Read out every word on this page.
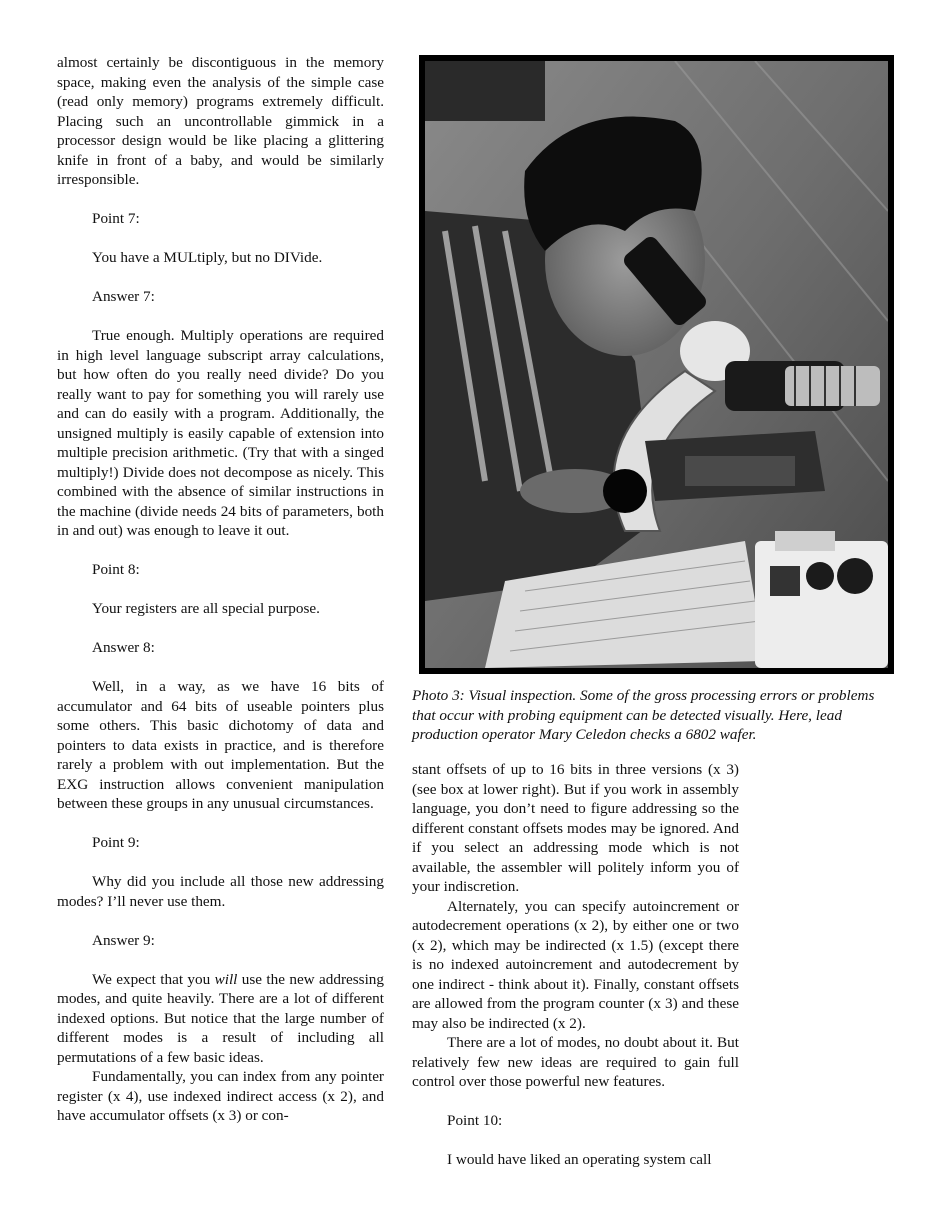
almost certainly be discontiguous in the memory space, making even the analysis of the simple case (read only memory) programs extremely difficult. Placing such an uncontrollable gimmick in a processor design would be like placing a glittering knife in front of a baby, and would be similarly irresponsible.

Point 7:

You have a MULtiply, but no DIVide.

Answer 7:

True enough. Multiply operations are required in high level language subscript array calculations, but how often do you really need divide? Do you really want to pay for something you will rarely use and can do easily with a program. Additionally, the unsigned multiply is easily capable of extension into multiple precision arithmetic. (Try that with a singed multiply!) Divide does not decompose as nicely. This combined with the absence of similar instructions in the machine (divide needs 24 bits of parameters, both in and out) was enough to leave it out.

Point 8:

Your registers are all special purpose.

Answer 8:

Well, in a way, as we have 16 bits of accumulator and 64 bits of useable pointers plus some others. This basic dichotomy of data and pointers to data exists in practice, and is therefore rarely a problem with out implementation. But the EXG instruction allows convenient manipulation between these groups in any unusual circumstances.

Point 9:

Why did you include all those new addressing modes? I’ll never use them.

Answer 9:

We expect that you will use the new addressing modes, and quite heavily. There are a lot of different indexed options. But notice that the large number of different modes is a result of including all permutations of a few basic ideas.

Fundamentally, you can index from any pointer register (x 4), use indexed indirect access (x 2), and have accumulator offsets (x 3) or con-

Photo 3: Visual inspection. Some of the gross processing errors or problems that occur with probing equipment can be detected visually. Here, lead production operator Mary Celedon checks a 6802 wafer.

stant offsets of up to 16 bits in three versions (x 3) (see box at lower right). But if you work in assembly language, you don’t need to figure addressing so the different constant offsets modes may be ignored. And if you select an addressing mode which is not available, the assembler will politely inform you of your indiscretion.

Alternately, you can specify autoincrement or autodecrement operations (x 2), by either one or two (x 2), which may be indirected (x 1.5) (except there is no indexed autoincrement and autodecrement by one indirect - think about it). Finally, constant offsets are allowed from the program counter (x 3) and these may also be indirected (x 2).

There are a lot of modes, no doubt about it. But relatively few new ideas are required to gain full control over those powerful new features.

Point 10:

I would have liked an operating system call
